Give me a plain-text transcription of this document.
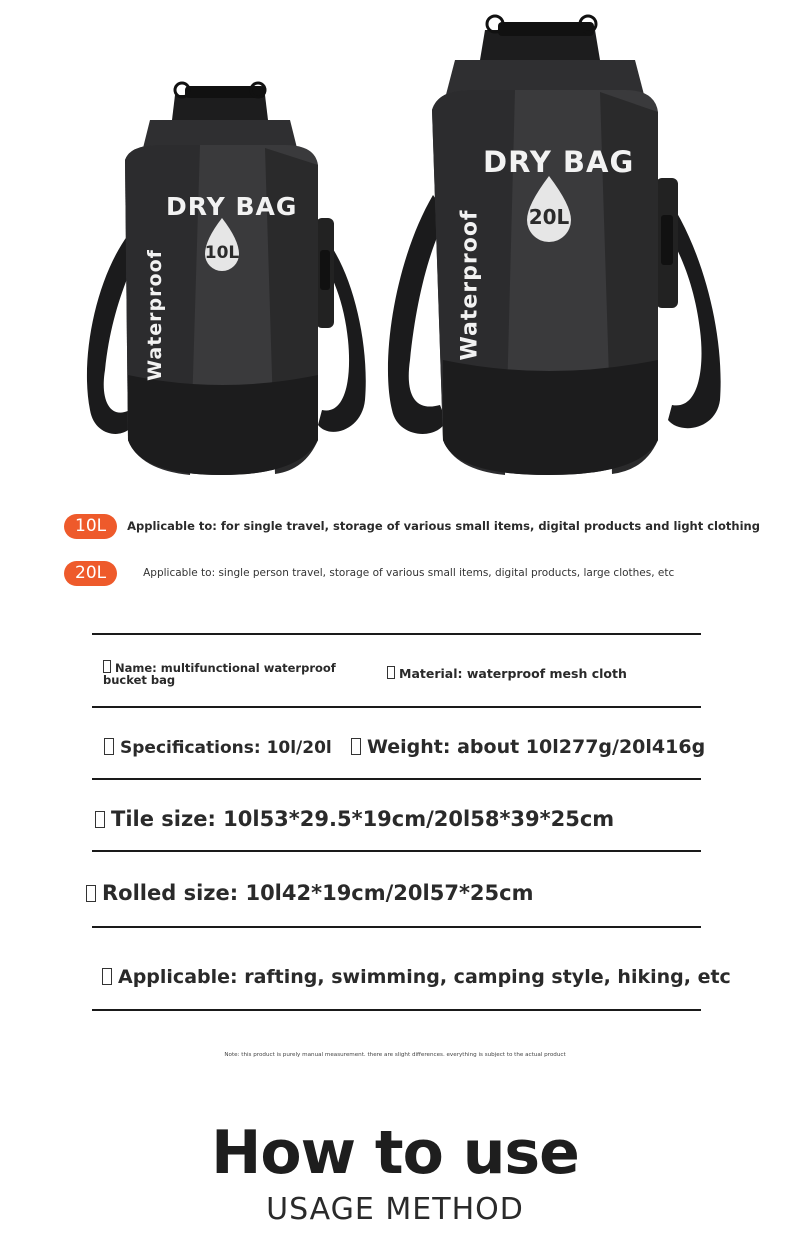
DRY BAG
10L
Waterproof
DRY BAG
20L
Waterproof
10L	Applicable to: for single travel, storage of various small items, digital products and light clothing
20L	Applicable to: single person travel, storage of various small items, digital products, large clothes, etc
Name: multifunctional waterproof bucket bag	Material: waterproof mesh cloth
Specifications: 10l/20l	Weight: about 10l277g/20l416g
Tile size: 10l53*29.5*19cm/20l58*39*25cm
Rolled size: 10l42*19cm/20l57*25cm
Applicable: rafting, swimming, camping style, hiking, etc
Note: this product is purely manual measurement. there are slight differences. everything is subject to the actual product
How to use
USAGE METHOD
